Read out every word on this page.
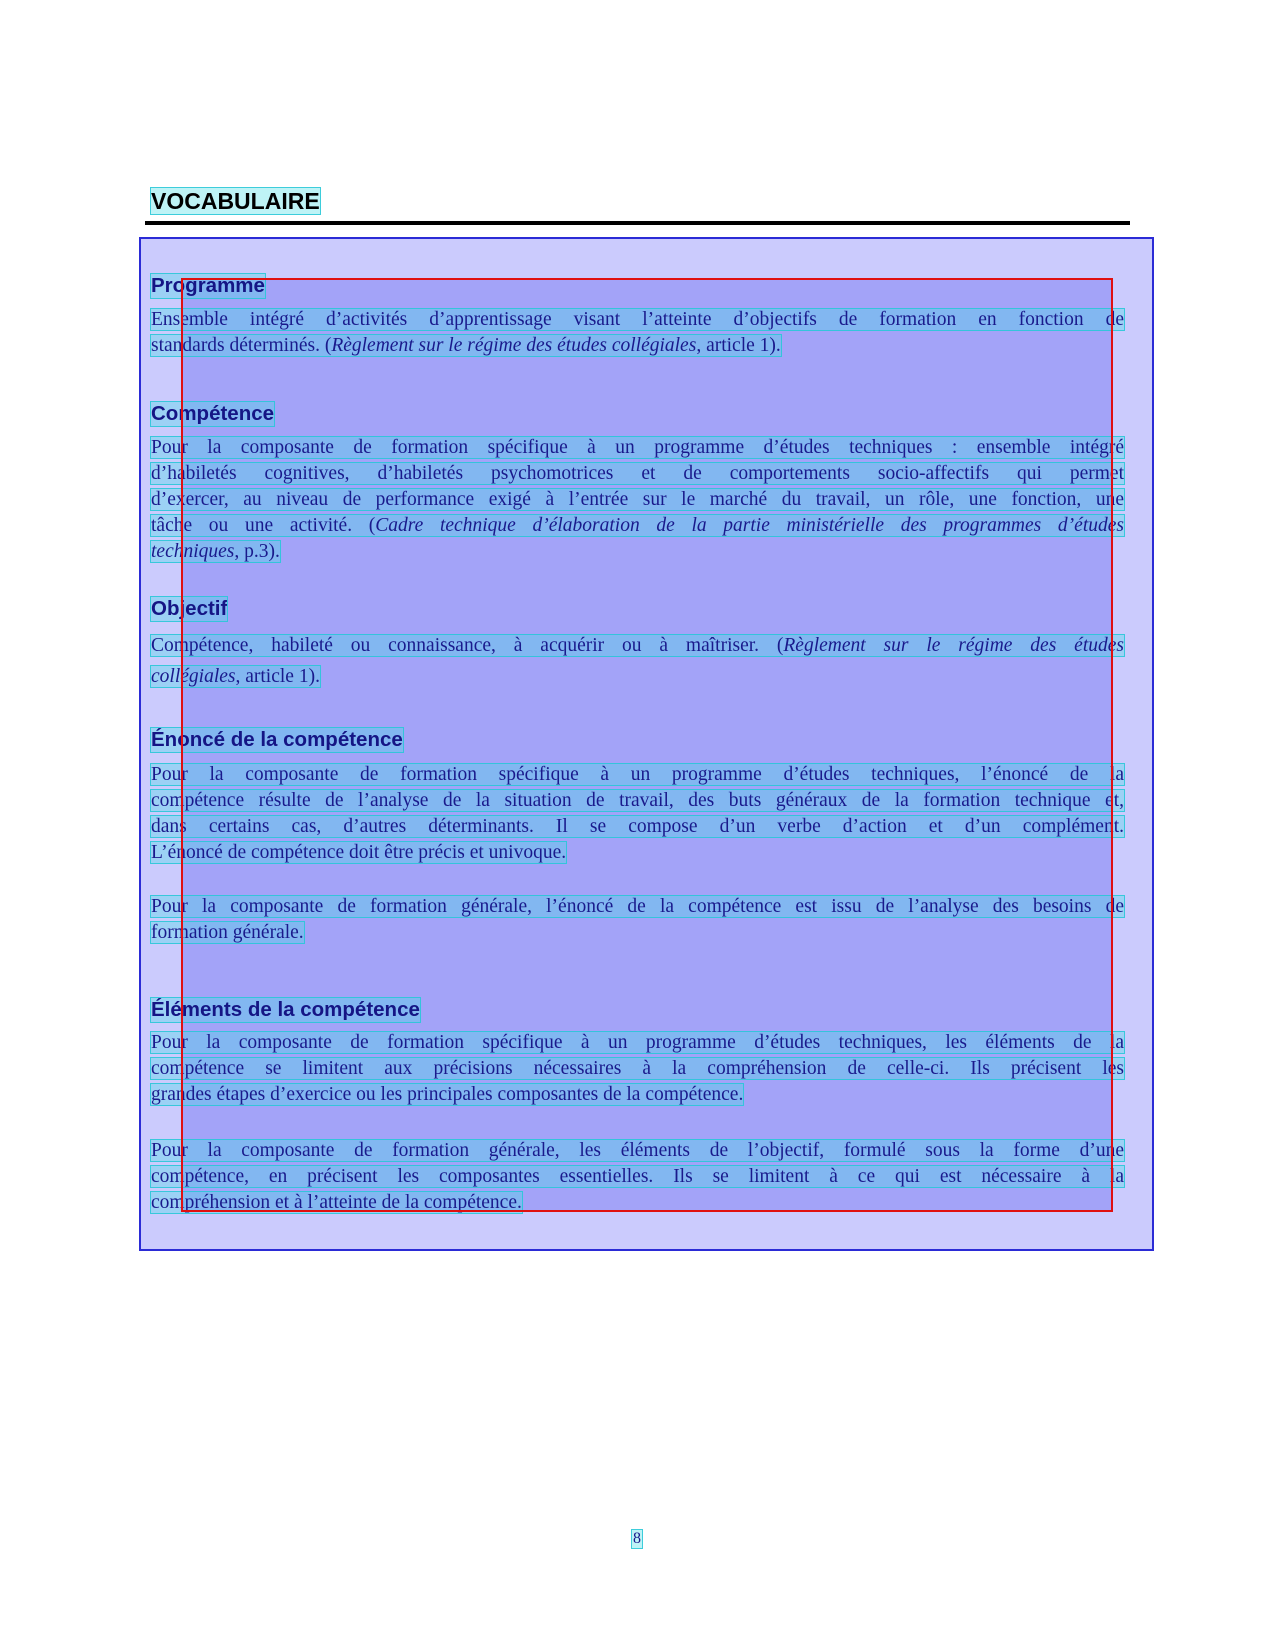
VOCABULAIRE
Programme
Ensemble intégré d’activités d’apprentissage visant l’atteinte d’objectifs de formation en fonction de
standards déterminés. (Règlement sur le régime des études collégiales, article 1).
Compétence
Pour la composante de formation spécifique à un programme d’études techniques : ensemble intégré
d’habiletés cognitives, d’habiletés psychomotrices et de comportements socio-affectifs qui permet
d’exercer, au niveau de performance exigé à l’entrée sur le marché du travail, un rôle, une fonction, une
tâche ou une activité. (Cadre technique d’élaboration de la partie ministérielle des programmes d’études
techniques, p.3).
Objectif
Compétence, habileté ou connaissance, à acquérir ou à maîtriser. (Règlement sur le régime des études
collégiales, article 1).
Énoncé de la compétence
Pour la composante de formation spécifique à un programme d’études techniques, l’énoncé de la
compétence résulte de l’analyse de la situation de travail, des buts généraux de la formation technique et,
dans certains cas, d’autres déterminants. Il se compose d’un verbe d’action et d’un complément.
L’énoncé de compétence doit être précis et univoque.
Pour la composante de formation générale, l’énoncé de la compétence est issu de l’analyse des besoins de
formation générale.
Éléments de la compétence
Pour la composante de formation spécifique à un programme d’études techniques, les éléments de la
compétence se limitent aux précisions nécessaires à la compréhension de celle-ci. Ils précisent les
grandes étapes d’exercice ou les principales composantes de la compétence.
Pour la composante de formation générale, les éléments de l’objectif, formulé sous la forme d’une
compétence, en précisent les composantes essentielles. Ils se limitent à ce qui est nécessaire à la
compréhension et à l’atteinte de la compétence.
8
